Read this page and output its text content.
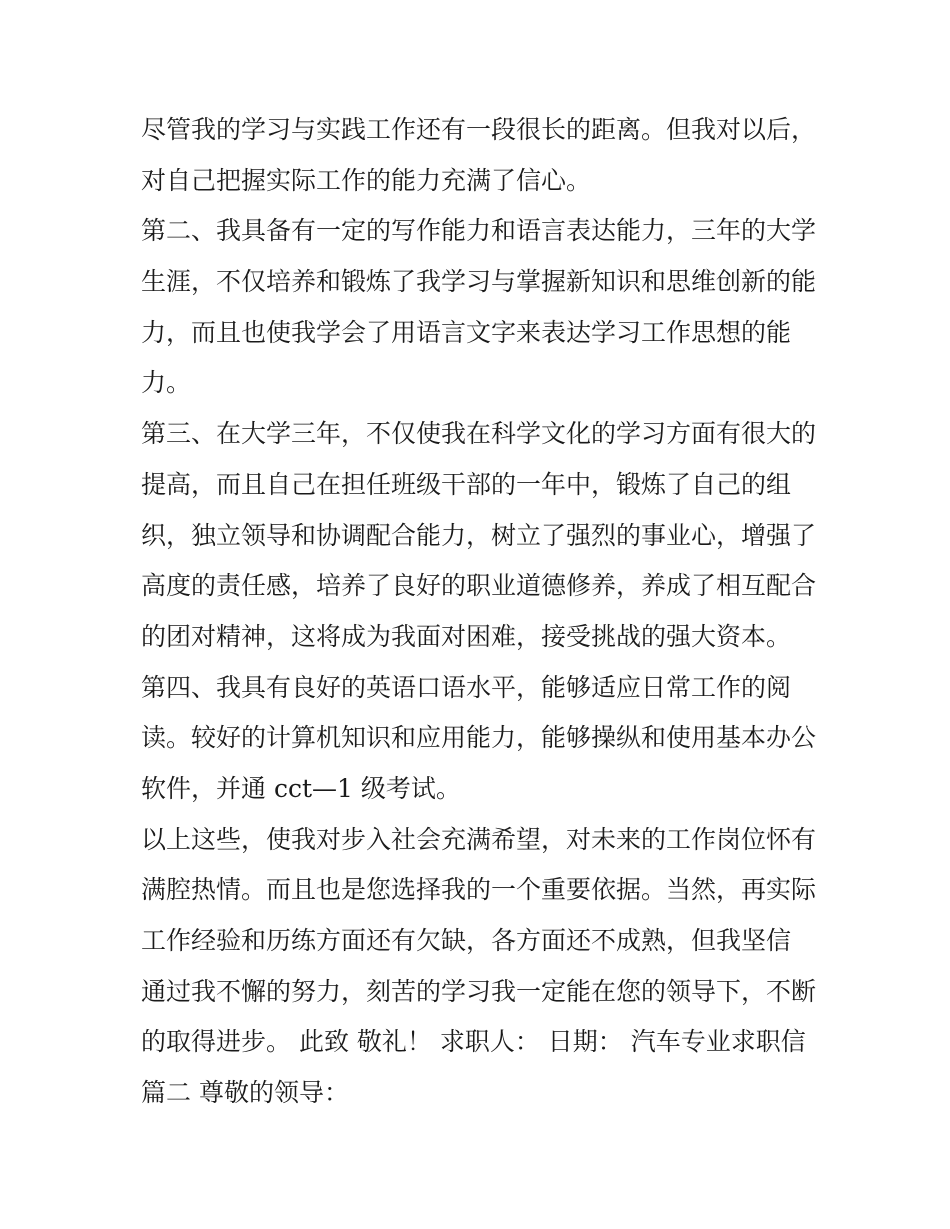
尽管我的学习与实践工作还有一段很长的距离。但我对以后，
对自己把握实际工作的能力充满了信心。
第二、我具备有一定的写作能力和语言表达能力，三年的大学
生涯，不仅培养和锻炼了我学习与掌握新知识和思维创新的能
力，而且也使我学会了用语言文字来表达学习工作思想的能
力。
第三、在大学三年，不仅使我在科学文化的学习方面有很大的
提高，而且自己在担任班级干部的一年中，锻炼了自己的组
织，独立领导和协调配合能力，树立了强烈的事业心，增强了
高度的责任感，培养了良好的职业道德修养，养成了相互配合
的团对精神，这将成为我面对困难，接受挑战的强大资本。
第四、我具有良好的英语口语水平，能够适应日常工作的阅
读。较好的计算机知识和应用能力，能够操纵和使用基本办公
软件，并通 cct—1 级考试。
以上这些，使我对步入社会充满希望，对未来的工作岗位怀有
满腔热情。而且也是您选择我的一个重要依据。当然，再实际
工作经验和历练方面还有欠缺，各方面还不成熟，但我坚信
通过我不懈的努力，刻苦的学习我一定能在您的领导下，不断
的取得进步。 此致 敬礼！ 求职人： 日期： 汽车专业求职信
篇二 尊敬的领导：
